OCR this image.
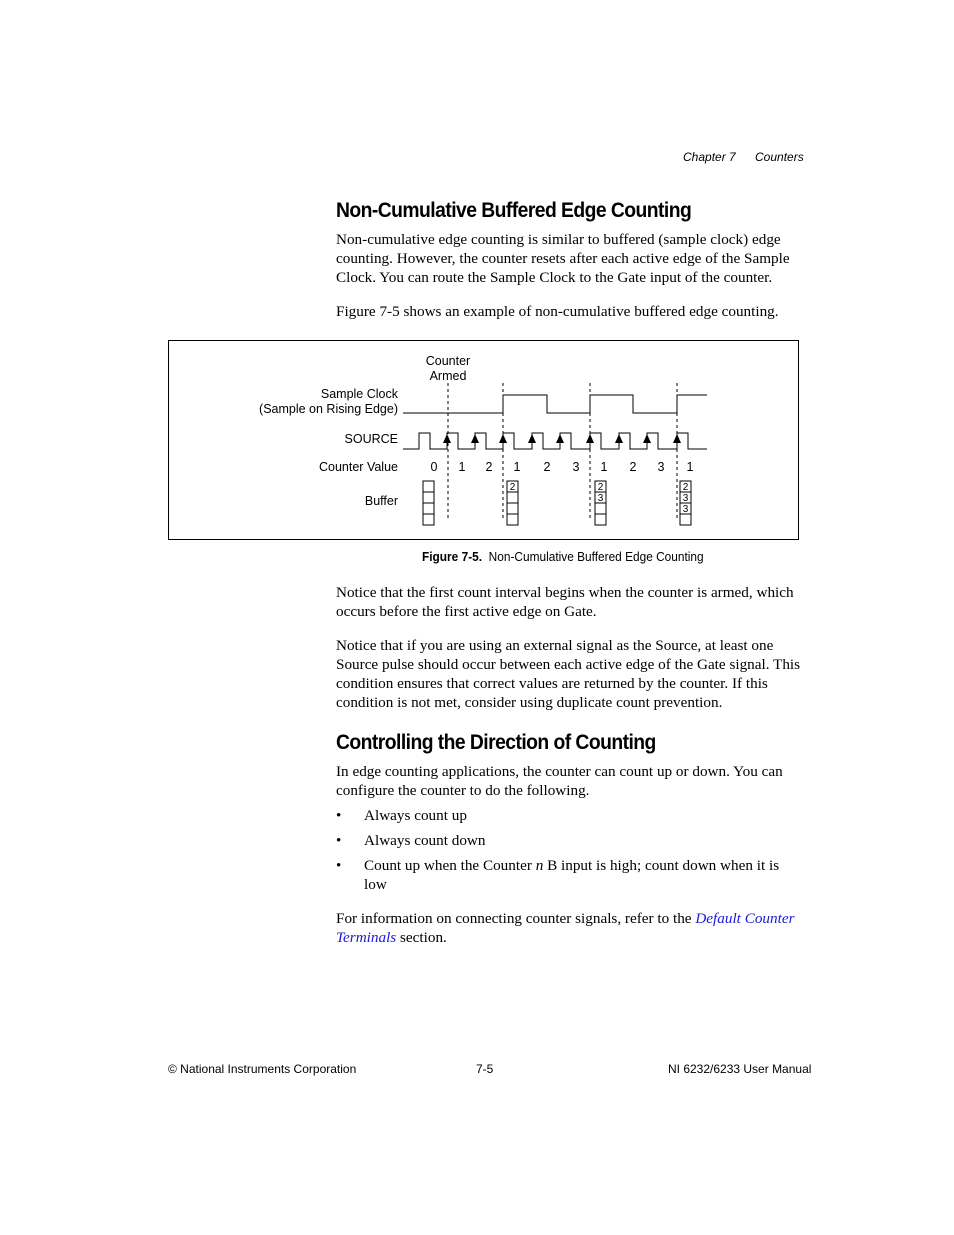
Chapter 7 Counters
Non-Cumulative Buffered Edge Counting

Non-cumulative edge counting is similar to buffered (sample clock) edge counting. However, the counter resets after each active edge of the Sample Clock. You can route the Sample Clock to the Gate input of the counter.

Figure 7-5 shows an example of non-cumulative buffered edge counting.

Counter
Armed
Sample Clock
(Sample on Rising Edge)
SOURCE
Counter Value
Buffer
0 1 2 1 2 3 1 2 3 1
2	2
3
2
3
3
Figure 7-5. Non-Cumulative Buffered Edge Counting

Notice that the first count interval begins when the counter is armed, which occurs before the first active edge on Gate.

Notice that if you are using an external signal as the Source, at least one Source pulse should occur between each active edge of the Gate signal. This condition ensures that correct values are returned by the counter. If this condition is not met, consider using duplicate count prevention.

Controlling the Direction of Counting

In edge counting applications, the counter can count up or down. You can configure the counter to do the following.

• Always count up
• Always count down
• Count up when the Counter n B input is high; count down when it is low

For information on connecting counter signals, refer to the Default Counter Terminals section.

© National Instruments Corporation	7-5	NI 6232/6233 User Manual
